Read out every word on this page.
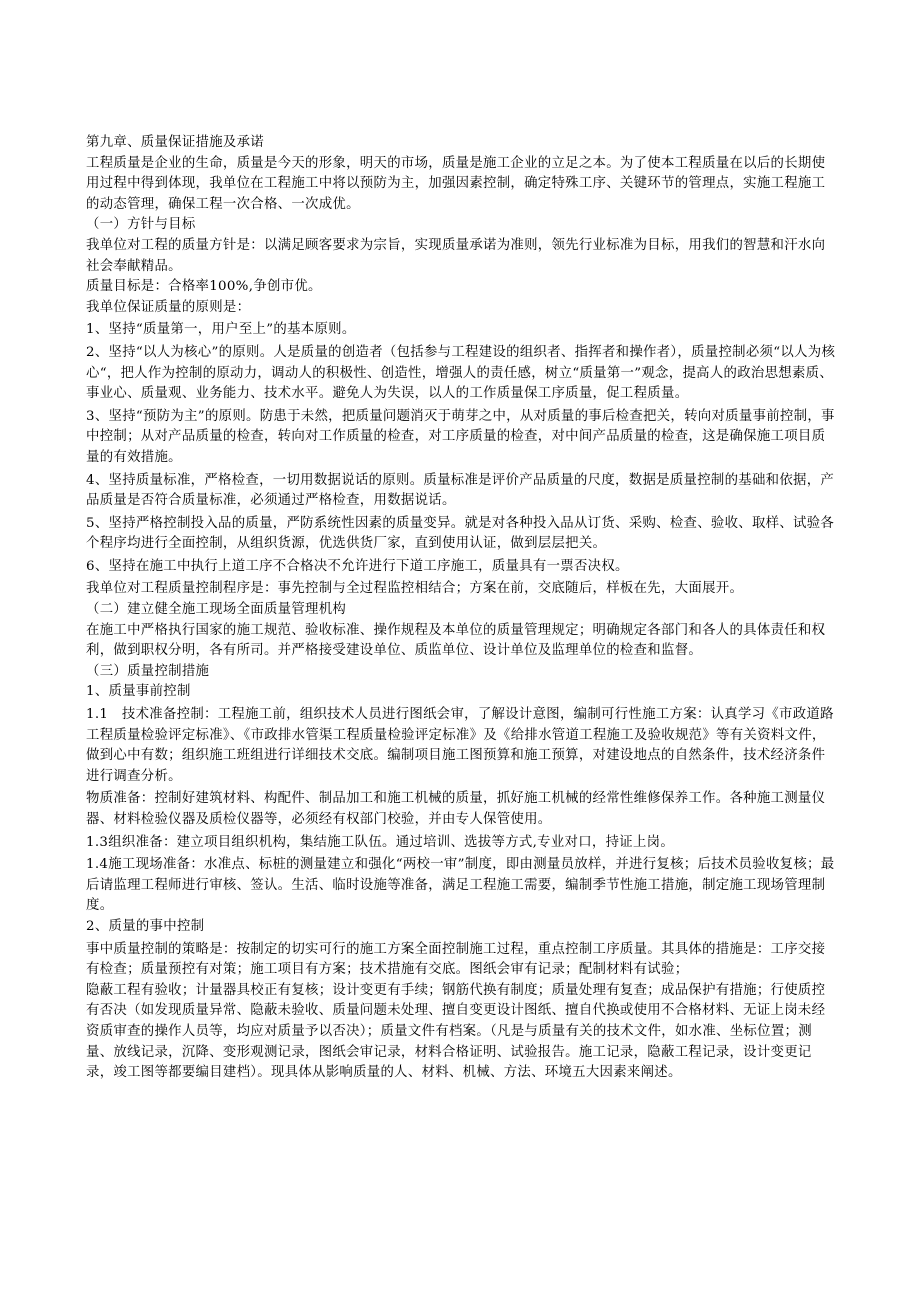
第九章、质量保证措施及承诺

工程质量是企业的生命，质量是今天的形象，明天的市场，质量是施工企业的立足之本。为了使本工程质量在以后的长期使用过程中得到体现，我单位在工程施工中将以预防为主，加强因素控制，确定特殊工序、关键环节的管理点，实施工程施工的动态管理，确保工程一次合格、一次成优。

（一）方针与目标

我单位对工程的质量方针是：以满足顾客要求为宗旨，实现质量承诺为准则，领先行业标准为目标，用我们的智慧和汗水向社会奉献精品。

质量目标是：合格率100%,争创市优。

我单位保证质量的原则是：

1、坚持“质量第一，用户至上”的基本原则。

2、坚持“以人为核心”的原则。人是质量的创造者（包括参与工程建设的组织者、指挥者和操作者），质量控制必须“以人为核心“，把人作为控制的原动力，调动人的积极性、创造性，增强人的责任感，树立“质量第一”观念，提高人的政治思想素质、事业心、质量观、业务能力、技术水平。避免人为失误，以人的工作质量保工序质量，促工程质量。

3、坚持“预防为主”的原则。防患于未然，把质量问题消灭于萌芽之中，从对质量的事后检查把关，转向对质量事前控制，事中控制；从对产品质量的检查，转向对工作质量的检查，对工序质量的检查，对中间产品质量的检查，这是确保施工项目质量的有效措施。

4、坚持质量标准，严格检查，一切用数据说话的原则。质量标准是评价产品质量的尺度，数据是质量控制的基础和依据，产品质量是否符合质量标准，必须通过严格检查，用数据说话。

5、坚持严格控制投入品的质量，严防系统性因素的质量变异。就是对各种投入品从订货、采购、检查、验收、取样、试验各个程序均进行全面控制，从组织货源，优选供货厂家，直到使用认证，做到层层把关。

6、坚持在施工中执行上道工序不合格决不允许进行下道工序施工，质量具有一票否决权。

我单位对工程质量控制程序是：事先控制与全过程监控相结合；方案在前，交底随后，样板在先，大面展开。

（二）建立健全施工现场全面质量管理机构

在施工中严格执行国家的施工规范、验收标准、操作规程及本单位的质量管理规定；明确规定各部门和各人的具体责任和权利，做到职权分明，各有所司。并严格接受建设单位、质监单位、设计单位及监理单位的检查和监督。

（三）质量控制措施

1、质量事前控制

1.1　技术准备控制：工程施工前，组织技术人员进行图纸会审，了解设计意图，编制可行性施工方案：认真学习《市政道路工程质量检验评定标准》、《市政排水管渠工程质量检验评定标准》及《给排水管道工程施工及验收规范》等有关资料文件，做到心中有数；组织施工班组进行详细技术交底。编制项目施工图预算和施工预算，对建设地点的自然条件，技术经济条件进行调查分析。

物质准备：控制好建筑材料、构配件、制品加工和施工机械的质量，抓好施工机械的经常性维修保养工作。各种施工测量仪器、材料检验仪器及质检仪器等，必须经有权部门校验，并由专人保管使用。

1.3组织准备：建立项目组织机构，集结施工队伍。通过培训、选拔等方式,专业对口，持证上岗。

1.4施工现场准备：水准点、标桩的测量建立和强化“两校一审”制度，即由测量员放样，并进行复核；后技术员验收复核；最后请监理工程师进行审核、签认。生活、临时设施等准备，满足工程施工需要，编制季节性施工措施，制定施工现场管理制度。

2、质量的事中控制

事中质量控制的策略是：按制定的切实可行的施工方案全面控制施工过程，重点控制工序质量。其具体的措施是：工序交接有检查；质量预控有对策；施工项目有方案；技术措施有交底。图纸会审有记录；配制材料有试验；

隐蔽工程有验收；计量器具校正有复核；设计变更有手续；钢筋代换有制度；质量处理有复查；成品保护有措施；行使质控有否决（如发现质量异常、隐蔽未验收、质量问题未处理、擅自变更设计图纸、擅自代换或使用不合格材料、无证上岗未经资质审查的操作人员等，均应对质量予以否决）；质量文件有档案。（凡是与质量有关的技术文件，如水准、坐标位置；测量、放线记录，沉降、变形观测记录，图纸会审记录，材料合格证明、试验报告。施工记录，隐蔽工程记录，设计变更记录，竣工图等都要编目建档）。现具体从影响质量的人、材料、机械、方法、环境五大因素来阐述。
